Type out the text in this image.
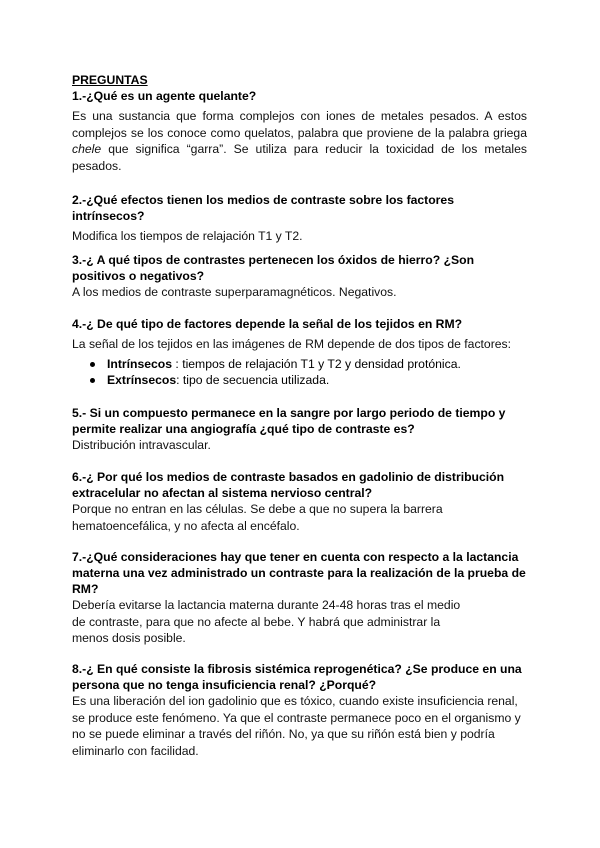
PREGUNTAS

1.-¿Qué es un agente quelante?

Es una sustancia que forma complejos con iones de metales pesados. A estos complejos se los conoce como quelatos, palabra que proviene de la palabra griega chele que significa “garra”. Se utiliza para reducir la toxicidad de los metales pesados.

2.-¿Qué efectos tienen los medios de contraste sobre los factores intrínsecos?

Modifica los tiempos de relajación T1 y T2.

3.-¿ A qué tipos de contrastes pertenecen los óxidos de hierro? ¿Son positivos o negativos?

A los medios de contraste superparamagnéticos. Negativos.

4.-¿ De qué tipo de factores depende la señal de los tejidos en RM?

La señal de los tejidos en las imágenes de RM depende de dos tipos de factores:

Intrínsecos : tiempos de relajación T1 y T2 y densidad protónica.
Extrínsecos: tipo de secuencia utilizada.

5.- Si un compuesto permanece en la sangre por largo periodo de tiempo y permite realizar una angiografía ¿qué tipo de contraste es?

Distribución intravascular.

6.-¿ Por qué los medios de contraste basados en gadolinio de distribución extracelular no afectan al sistema nervioso central?

Porque no entran en las células. Se debe a que no supera la barrera hematoencefálica, y no afecta al encéfalo.

7.-¿Qué consideraciones hay que tener en cuenta con respecto a la lactancia materna una vez administrado un contraste para la realización de la prueba de RM?

Debería evitarse la lactancia materna durante 24-48 horas tras el medio de contraste, para que no afecte al bebe. Y habrá que administrar la menos dosis posible.

8.-¿ En qué consiste la fibrosis sistémica reprogenética? ¿Se produce en una persona que no tenga insuficiencia renal? ¿Porqué?

Es una liberación del ion gadolinio que es tóxico, cuando existe insuficiencia renal, se produce este fenómeno. Ya que el contraste permanece poco en el organismo y no se puede eliminar a través del riñón. No, ya que su riñón está bien y podría eliminarlo con facilidad.
